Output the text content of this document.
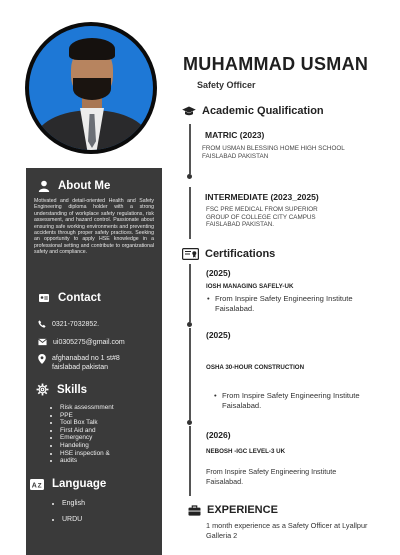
About Me
Motivated and detail-oriented Health and Safety Engineering diploma holder with a strong understanding of workplace safety regulations, risk assessment, and hazard control. Passionate about ensuring safe working environments and preventing accidents through proper safety practices. Seeking an opportunity to apply HSE knowledge in a professional setting and contribute to organizational safety and compliance.
Contact
0321-7032852.
ui0305275@gmail.com
afghanabad no 1 st#8
faislabad pakistan
Skills
• Risk assessmment
• PPE
• Tool Box Talk
• First Aid and
• Emergency
• Handeling
• HSE inspection &
• audits
A Z Language
• English
• URDU
MUHAMMAD USMAN
Safety Officer
Academic Qualification
MATRIC (2023)
FROM USMAN BLESSING HOME HIGH SCHOOL
FAISLABAD PAKISTAN
INTERMEDIATE (2023_2025)
FSC PRE MEDICAL FROM SUPERIOR
GROUP OF COLLEGE CITY CAMPUS
FAISLABAD PAKISTAN.
Certifications
(2025)
IOSH MANAGING SAFELY-UK
• From Inspire Safety Engineering Institute Faisalabad.
(2025)
OSHA 30-HOUR CONSTRUCTION
• From Inspire Safety Engineering Institute Faisalabad.
(2026)
NEBOSH -IGC LEVEL-3 UK
From Inspire Safety Engineering Institute Faisalabad.
EXPERIENCE
1 month experience as a Safety Officer at Lyallpur Galleria 2
